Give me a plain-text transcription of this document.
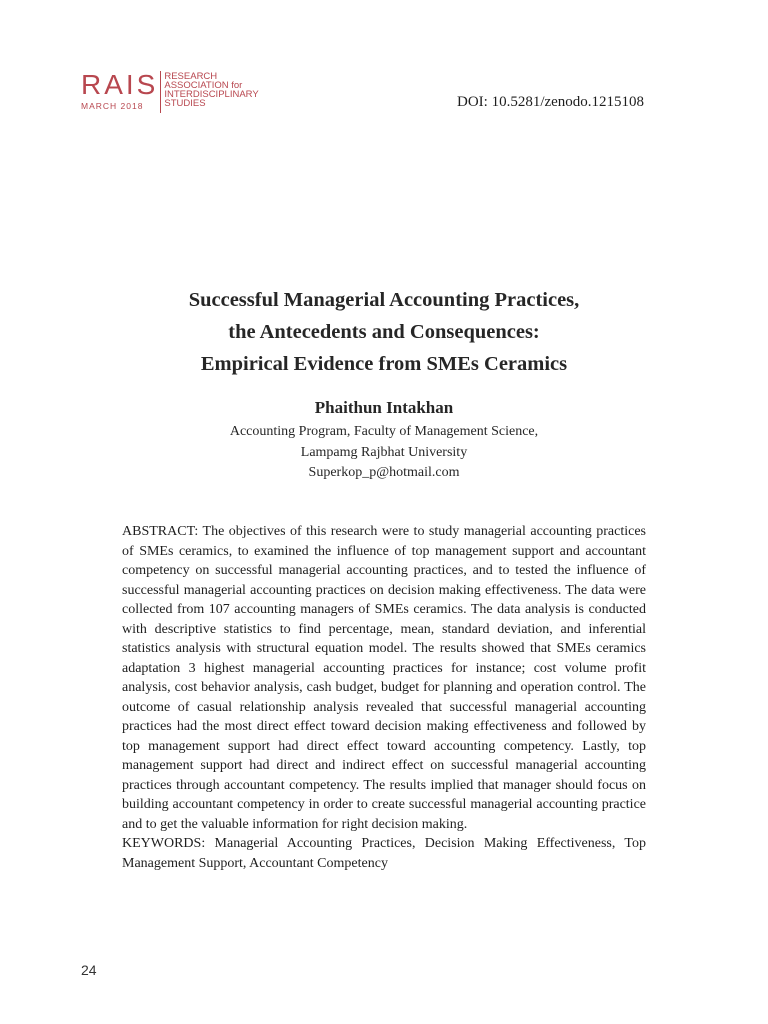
RAIS
MARCH 2018
RESEARCH
ASSOCIATION for
INTERDISCIPLINARY
STUDIES	DOI: 10.5281/zenodo.1215108
Successful Managerial Accounting Practices,
the Antecedents and Consequences:
Empirical Evidence from SMEs Ceramics
Phaithun Intakhan
Accounting Program, Faculty of Management Science,
Lampamg Rajbhat University
Superkop_p@hotmail.com

ABSTRACT: The objectives of this research were to study managerial accounting practices of SMEs ceramics, to examined the influence of top management support and accountant competency on successful managerial accounting practices, and to tested the influence of successful managerial accounting practices on decision making effectiveness. The data were collected from 107 accounting managers of SMEs ceramics. The data analysis is conducted with descriptive statistics to find percentage, mean, standard deviation, and inferential statistics analysis with structural equation model. The results showed that SMEs ceramics adaptation 3 highest managerial accounting practices for instance; cost volume profit analysis, cost behavior analysis, cash budget, budget for planning and operation control. The outcome of casual relationship analysis revealed that successful managerial accounting practices had the most direct effect toward decision making effectiveness and followed by top management support had direct effect toward accounting competency. Lastly, top management support had direct and indirect effect on successful managerial accounting practices through accountant competency. The results implied that manager should focus on building accountant competency in order to create successful managerial accounting practice and to get the valuable information for right decision making.

KEYWORDS: Managerial Accounting Practices, Decision Making Effectiveness, Top Management Support, Accountant Competency

24
